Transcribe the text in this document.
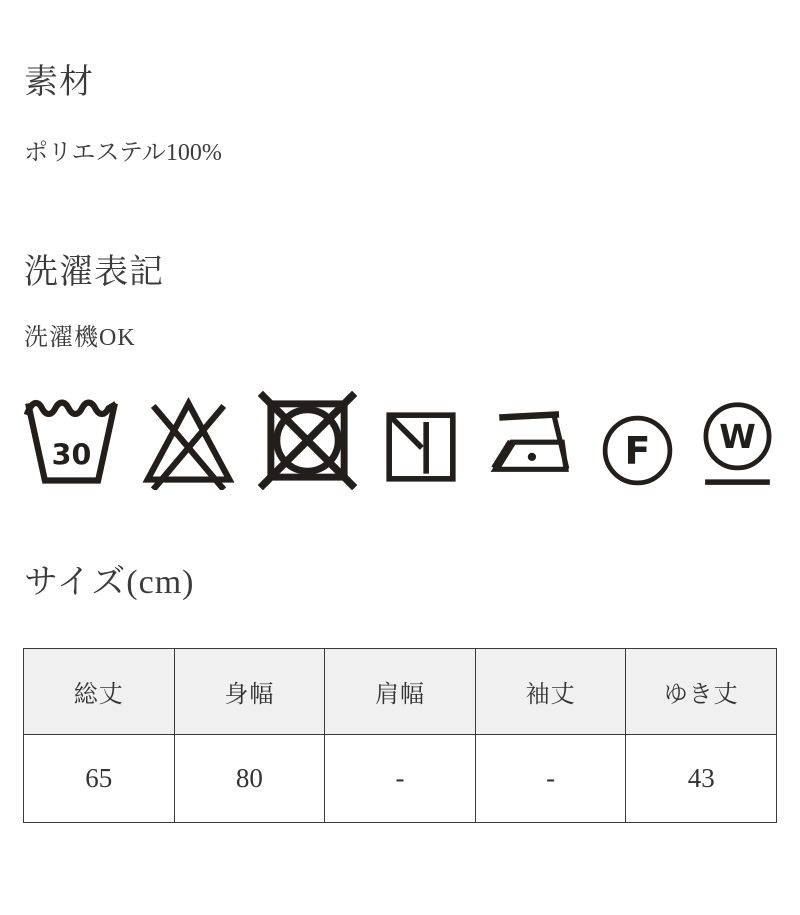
素材

ポリエステル100%

洗濯表記

洗濯機OK

30	F W
サイズ(cm)
総丈	身幅	肩幅	袖丈	ゆき丈
65	80	-	-	43
